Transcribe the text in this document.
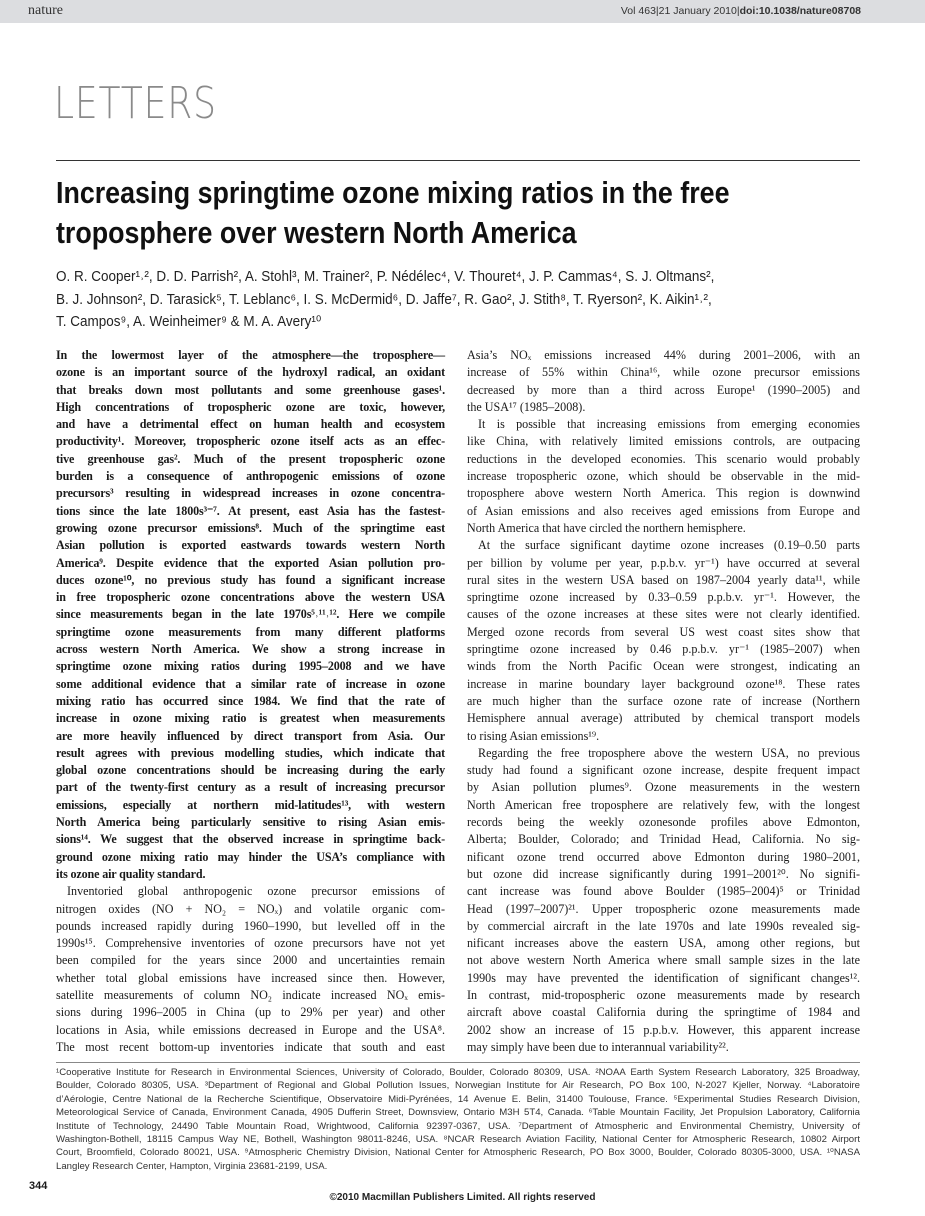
nature	Vol 463|21 January 2010|doi:10.1038/nature08708
LETTERS
Increasing springtime ozone mixing ratios in the free
troposphere over western North America
O. R. Cooper¹˒², D. D. Parrish², A. Stohl³, M. Trainer², P. Nédélec⁴, V. Thouret⁴, J. P. Cammas⁴, S. J. Oltmans²,
B. J. Johnson², D. Tarasick⁵, T. Leblanc⁶, I. S. McDermid⁶, D. Jaffe⁷, R. Gao², J. Stith⁸, T. Ryerson², K. Aikin¹˒²,
T. Campos⁹, A. Weinheimer⁹ & M. A. Avery¹⁰
In the lowermost layer of the atmosphere—the troposphere—
ozone is an important source of the hydroxyl radical, an oxidant
that breaks down most pollutants and some greenhouse gases¹.
High concentrations of tropospheric ozone are toxic, however,
and have a detrimental effect on human health and ecosystem
productivity¹. Moreover, tropospheric ozone itself acts as an effec-
tive greenhouse gas². Much of the present tropospheric ozone
burden is a consequence of anthropogenic emissions of ozone
precursors³ resulting in widespread increases in ozone concentra-
tions since the late 1800s³⁻⁷. At present, east Asia has the fastest-
growing ozone precursor emissions⁸. Much of the springtime east
Asian pollution is exported eastwards towards western North
America⁹. Despite evidence that the exported Asian pollution pro-
duces ozone¹⁰, no previous study has found a significant increase
in free tropospheric ozone concentrations above the western USA
since measurements began in the late 1970s⁵˒¹¹˒¹². Here we compile
springtime ozone measurements from many different platforms
across western North America. We show a strong increase in
springtime ozone mixing ratios during 1995–2008 and we have
some additional evidence that a similar rate of increase in ozone
mixing ratio has occurred since 1984. We find that the rate of
increase in ozone mixing ratio is greatest when measurements
are more heavily influenced by direct transport from Asia. Our
result agrees with previous modelling studies, which indicate that
global ozone concentrations should be increasing during the early
part of the twenty-first century as a result of increasing precursor
emissions, especially at northern mid-latitudes¹³, with western
North America being particularly sensitive to rising Asian emis-
sions¹⁴. We suggest that the observed increase in springtime back-
ground ozone mixing ratio may hinder the USA’s compliance with
its ozone air quality standard.
Inventoried global anthropogenic ozone precursor emissions of
nitrogen oxides (NO + NO₂ = NOₓ) and volatile organic com-
pounds increased rapidly during 1960–1990, but levelled off in the
1990s¹⁵. Comprehensive inventories of ozone precursors have not yet
been compiled for the years since 2000 and uncertainties remain
whether total global emissions have increased since then. However,
satellite measurements of column NO₂ indicate increased NOₓ emis-
sions during 1996–2005 in China (up to 29% per year) and other
locations in Asia, while emissions decreased in Europe and the USA⁸.
The most recent bottom-up inventories indicate that south and east
Asia’s NOₓ emissions increased 44% during 2001–2006, with an
increase of 55% within China¹⁶, while ozone precursor emissions
decreased by more than a third across Europe¹ (1990–2005) and
the USA¹⁷ (1985–2008).
It is possible that increasing emissions from emerging economies
like China, with relatively limited emissions controls, are outpacing
reductions in the developed economies. This scenario would probably
increase tropospheric ozone, which should be observable in the mid-
troposphere above western North America. This region is downwind
of Asian emissions and also receives aged emissions from Europe and
North America that have circled the northern hemisphere.
At the surface significant daytime ozone increases (0.19–0.50 parts
per billion by volume per year, p.p.b.v. yr⁻¹) have occurred at several
rural sites in the western USA based on 1987–2004 yearly data¹¹, while
springtime ozone increased by 0.33–0.59 p.p.b.v. yr⁻¹. However, the
causes of the ozone increases at these sites were not clearly identified.
Merged ozone records from several US west coast sites show that
springtime ozone increased by 0.46 p.p.b.v. yr⁻¹ (1985–2007) when
winds from the North Pacific Ocean were strongest, indicating an
increase in marine boundary layer background ozone¹⁸. These rates
are much higher than the surface ozone rate of increase (Northern
Hemisphere annual average) attributed by chemical transport models
to rising Asian emissions¹⁹.
Regarding the free troposphere above the western USA, no previous
study had found a significant ozone increase, despite frequent impact
by Asian pollution plumes⁹. Ozone measurements in the western
North American free troposphere are relatively few, with the longest
records being the weekly ozonesonde profiles above Edmonton,
Alberta; Boulder, Colorado; and Trinidad Head, California. No sig-
nificant ozone trend occurred above Edmonton during 1980–2001,
but ozone did increase significantly during 1991–2001²⁰. No signifi-
cant increase was found above Boulder (1985–2004)⁵ or Trinidad
Head (1997–2007)²¹. Upper tropospheric ozone measurements made
by commercial aircraft in the late 1970s and late 1990s revealed sig-
nificant increases above the eastern USA, among other regions, but
not above western North America where small sample sizes in the late
1990s may have prevented the identification of significant changes¹².
In contrast, mid-tropospheric ozone measurements made by research
aircraft above coastal California during the springtime of 1984 and
2002 show an increase of 15 p.p.b.v. However, this apparent increase
may simply have been due to interannual variability²².
¹Cooperative Institute for Research in Environmental Sciences, University of Colorado, Boulder, Colorado 80309, USA. ²NOAA Earth System Research Laboratory, 325 Broadway,
Boulder, Colorado 80305, USA. ³Department of Regional and Global Pollution Issues, Norwegian Institute for Air Research, PO Box 100, N-2027 Kjeller, Norway. ⁴Laboratoire
d’Aérologie, Centre National de la Recherche Scientifique, Observatoire Midi-Pyrénées, 14 Avenue E. Belin, 31400 Toulouse, France. ⁵Experimental Studies Research Division,
Meteorological Service of Canada, Environment Canada, 4905 Dufferin Street, Downsview, Ontario M3H 5T4, Canada. ⁶Table Mountain Facility, Jet Propulsion Laboratory, California
Institute of Technology, 24490 Table Mountain Road, Wrightwood, California 92397-0367, USA. ⁷Department of Atmospheric and Environmental Chemistry, University of
Washington-Bothell, 18115 Campus Way NE, Bothell, Washington 98011-8246, USA. ⁸NCAR Research Aviation Facility, National Center for Atmospheric Research, 10802 Airport
Court, Broomfield, Colorado 80021, USA. ⁹Atmospheric Chemistry Division, National Center for Atmospheric Research, PO Box 3000, Boulder, Colorado 80305-3000, USA. ¹⁰NASA
Langley Research Center, Hampton, Virginia 23681-2199, USA.
344
©2010 Macmillan Publishers Limited. All rights reserved
